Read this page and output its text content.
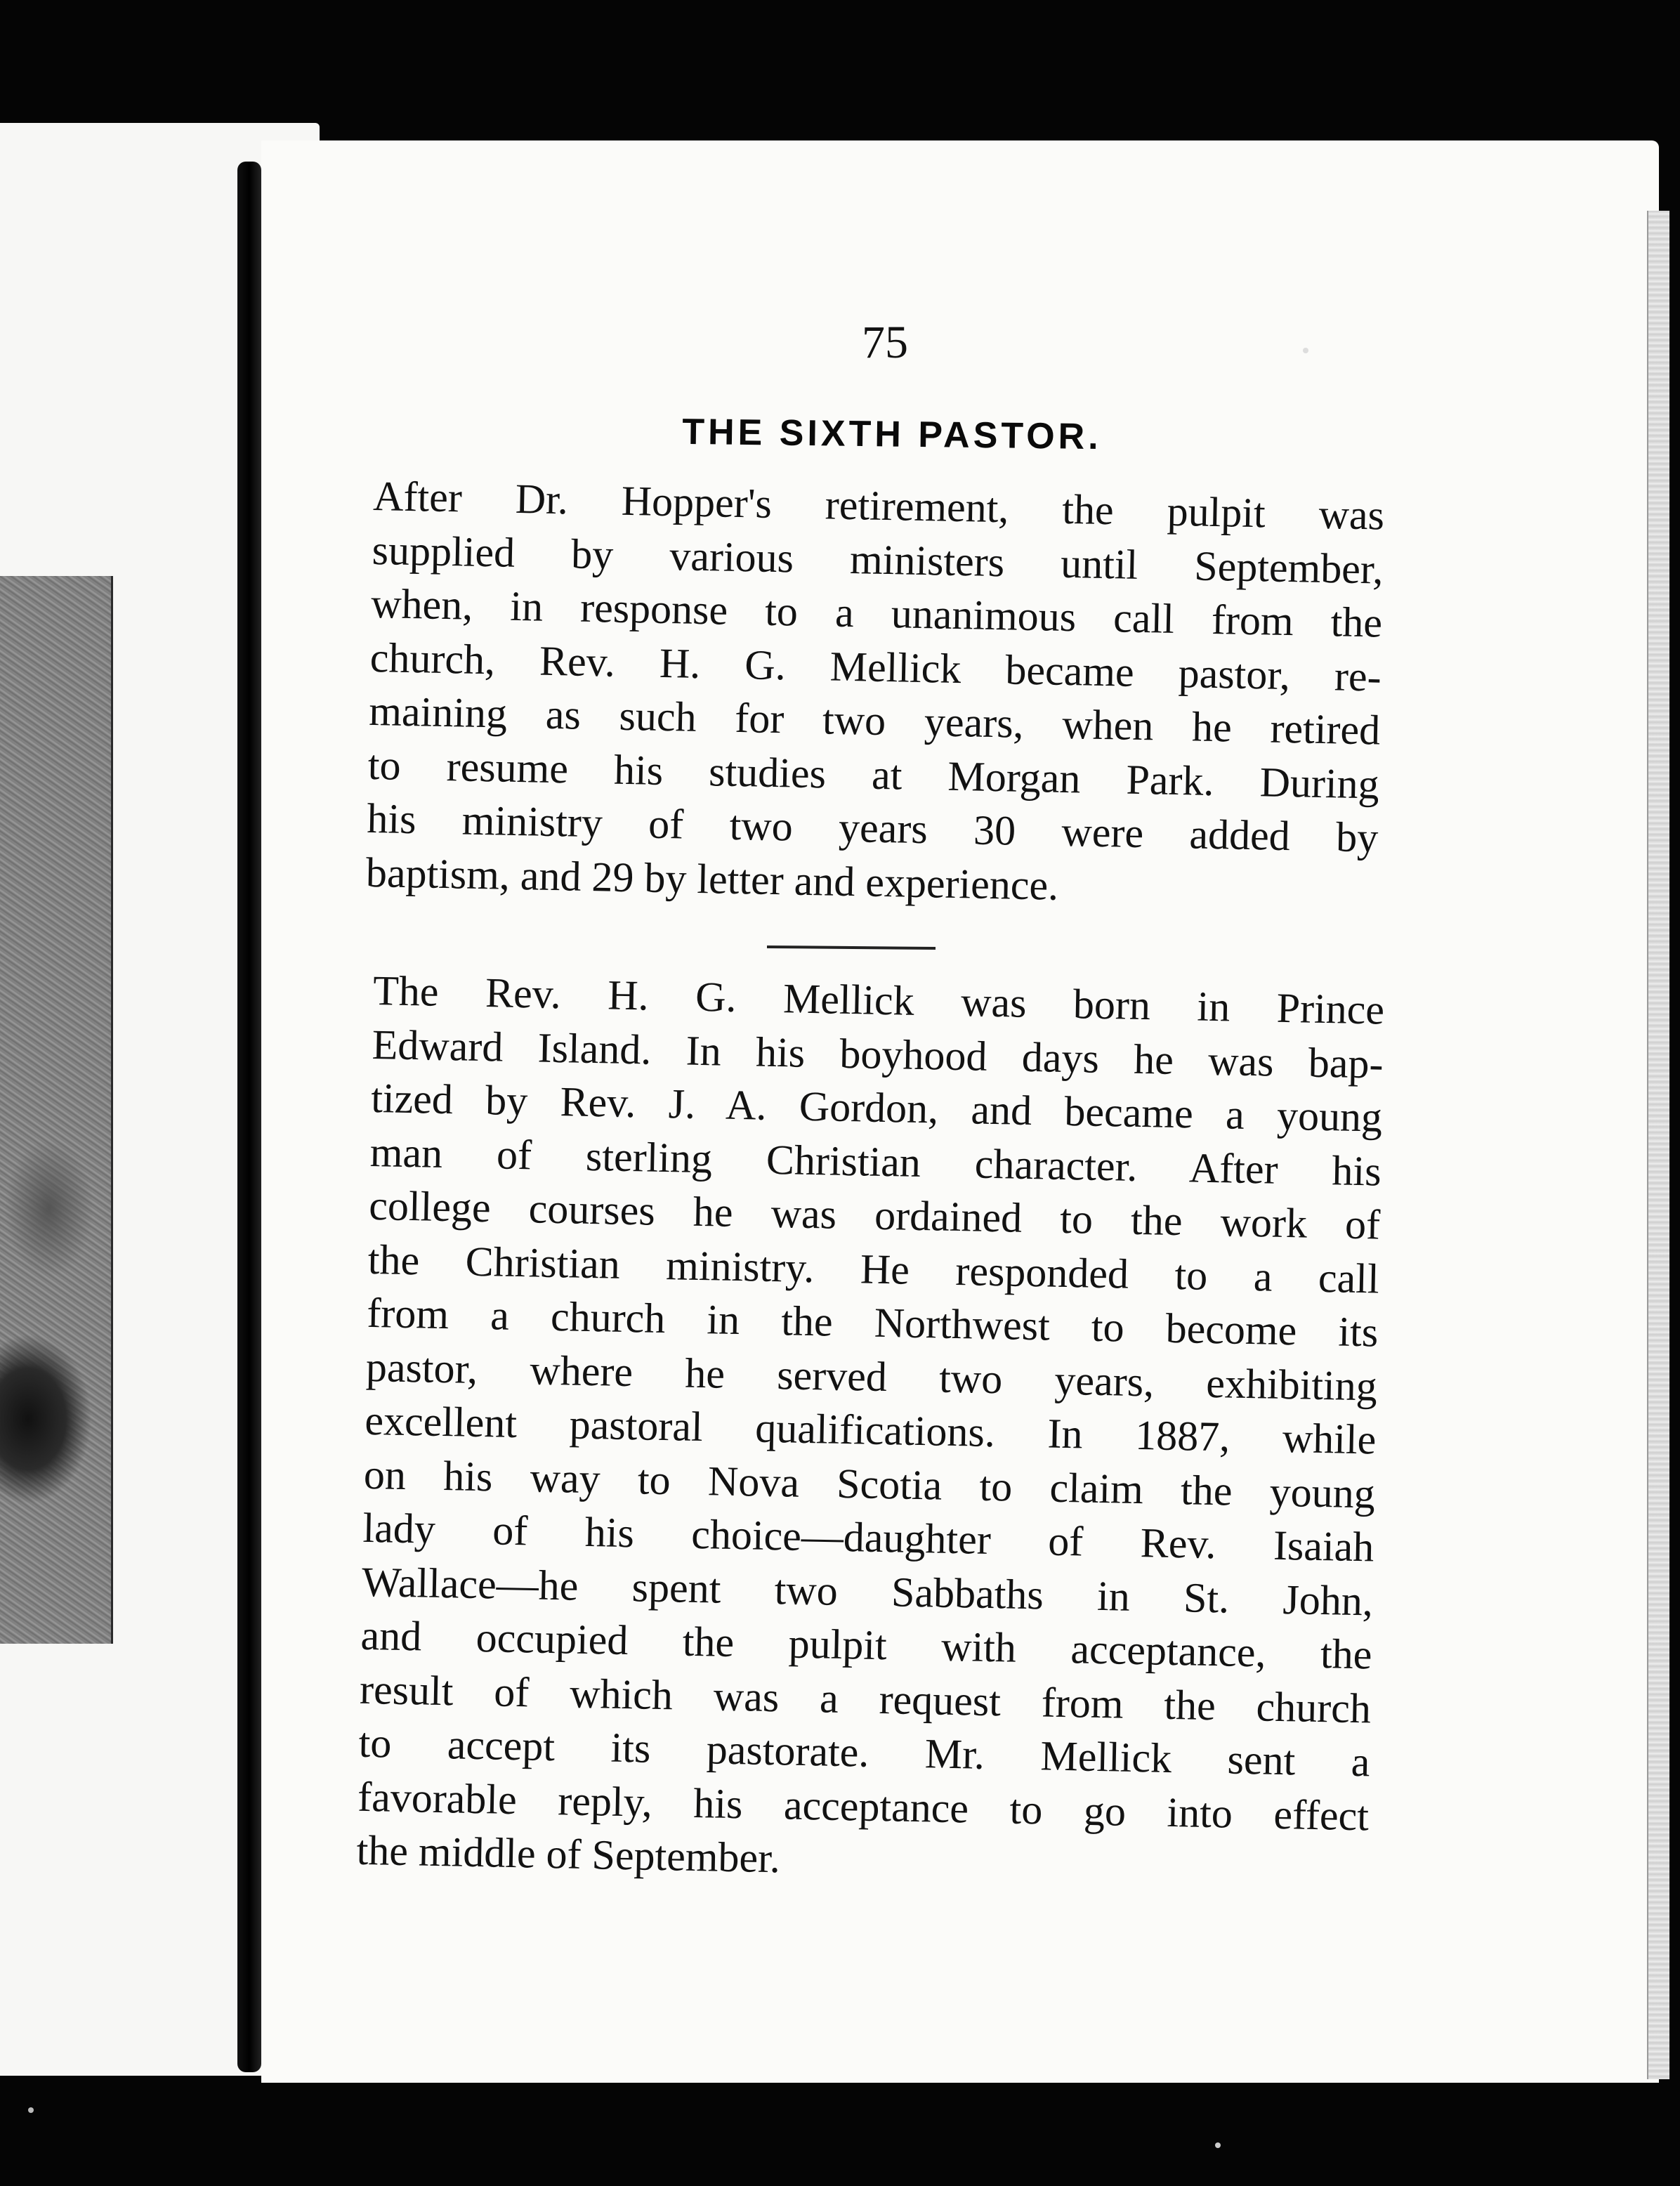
75
THE SIXTH PASTOR.
After Dr. Hopper's retirement, the pulpit was
supplied by various ministers until September,
when, in response to a unanimous call from the
church, Rev. H. G. Mellick became pastor, re-
maining as such for two years, when he retired
to resume his studies at Morgan Park. During
his ministry of two years 30 were added by
baptism, and 29 by letter and experience.
The Rev. H. G. Mellick was born in Prince
Edward Island. In his boyhood days he was bap-
tized by Rev. J. A. Gordon, and became a young
man of sterling Christian character. After his
college courses he was ordained to the work of
the Christian ministry. He responded to a call
from a church in the Northwest to become its
pastor, where he served two years, exhibiting
excellent pastoral qualifications. In 1887, while
on his way to Nova Scotia to claim the young
lady of his choice—daughter of Rev. Isaiah
Wallace—he spent two Sabbaths in St. John,
and occupied the pulpit with acceptance, the
result of which was a request from the church
to accept its pastorate. Mr. Mellick sent a
favorable reply, his acceptance to go into effect
the middle of September.
